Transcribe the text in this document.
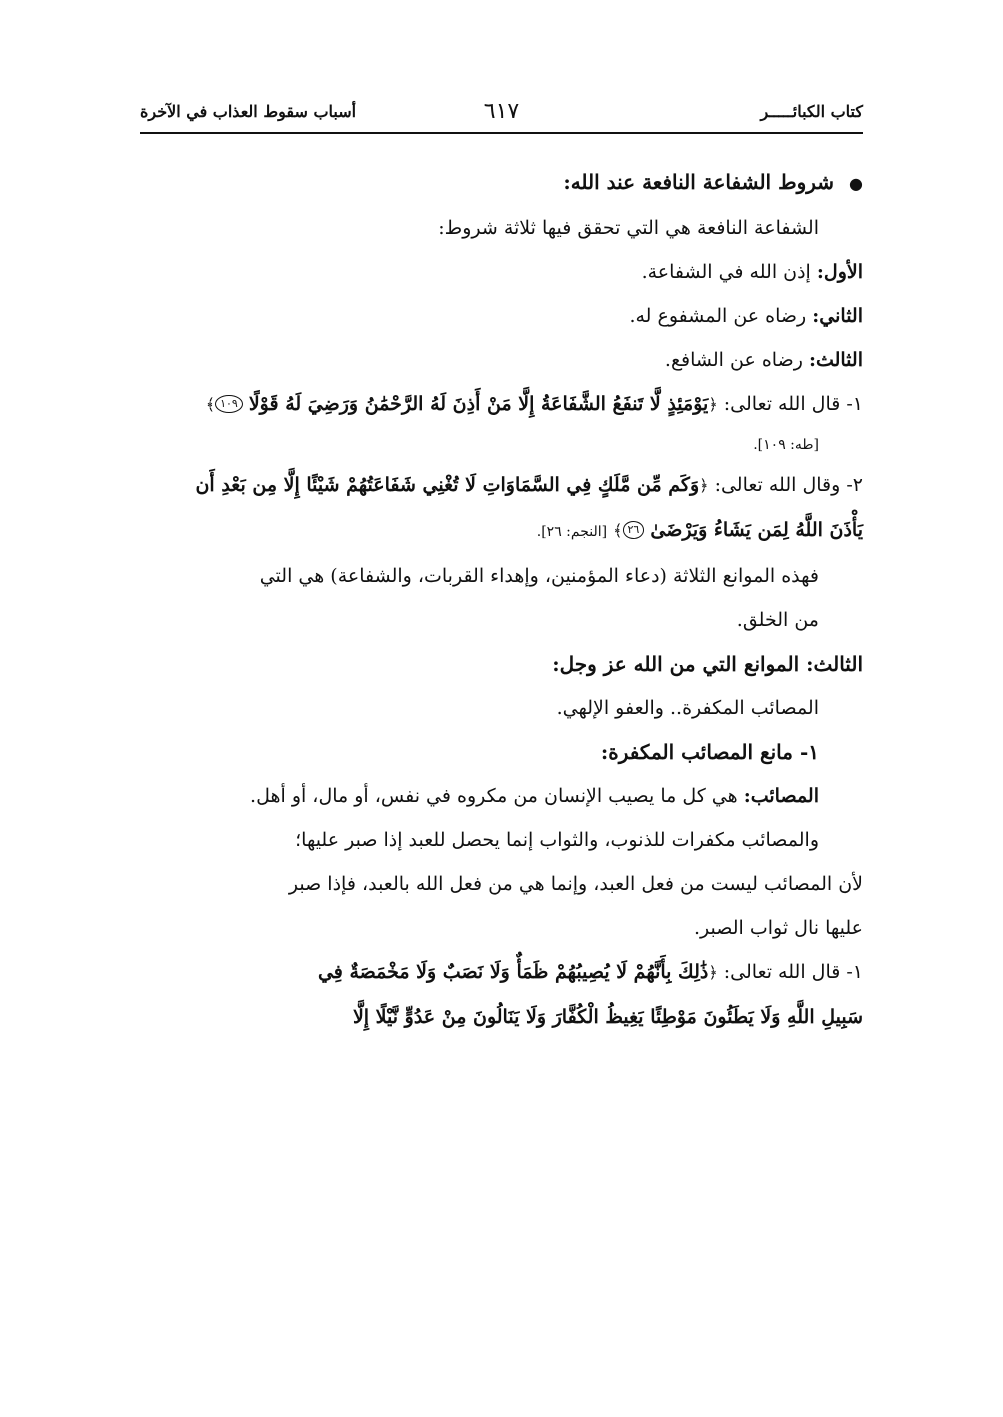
كتاب الكبائـــــر
٦١٧
أسباب سقوط العذاب في الآخرة

● شروط الشفاعة النافعة عند الله:

الشفاعة النافعة هي التي تحقق فيها ثلاثة شروط:

الأول: إذن الله في الشفاعة.

الثاني: رضاه عن المشفوع له.

الثالث: رضاه عن الشافع.

١- قال الله تعالى: ﴿يَوْمَئِذٍ لَّا تَنفَعُ الشَّفَاعَةُ إِلَّا مَنْ أَذِنَ لَهُ الرَّحْمَٰنُ وَرَضِيَ لَهُ قَوْلًا ١٠٩﴾

[طه: ١٠٩].

٢- وقال الله تعالى: ﴿وَكَم مِّن مَّلَكٍ فِي السَّمَاوَاتِ لَا تُغْنِي شَفَاعَتُهُمْ شَيْئًا إِلَّا مِن بَعْدِ أَن

يَأْذَنَ اللَّهُ لِمَن يَشَاءُ وَيَرْضَىٰ ٢٦﴾ [النجم: ٢٦].

فهذه الموانع الثلاثة (دعاء المؤمنين، وإهداء القربات، والشفاعة) هي التي

من الخلق.

الثالث: الموانع التي من الله عز وجل:

المصائب المكفرة.. والعفو الإلهي.

١- مانع المصائب المكفرة:

المصائب: هي كل ما يصيب الإنسان من مكروه في نفس، أو مال، أو أهل.

والمصائب مكفرات للذنوب، والثواب إنما يحصل للعبد إذا صبر عليها؛

لأن المصائب ليست من فعل العبد، وإنما هي من فعل الله بالعبد، فإذا صبر

عليها نال ثواب الصبر.

١- قال الله تعالى: ﴿ذَٰلِكَ بِأَنَّهُمْ لَا يُصِيبُهُمْ ظَمَأٌ وَلَا نَصَبٌ وَلَا مَخْمَصَةٌ فِي

سَبِيلِ اللَّهِ وَلَا يَطَئُونَ مَوْطِئًا يَغِيظُ الْكُفَّارَ وَلَا يَنَالُونَ مِنْ عَدُوٍّ نَّيْلًا إِلَّا
